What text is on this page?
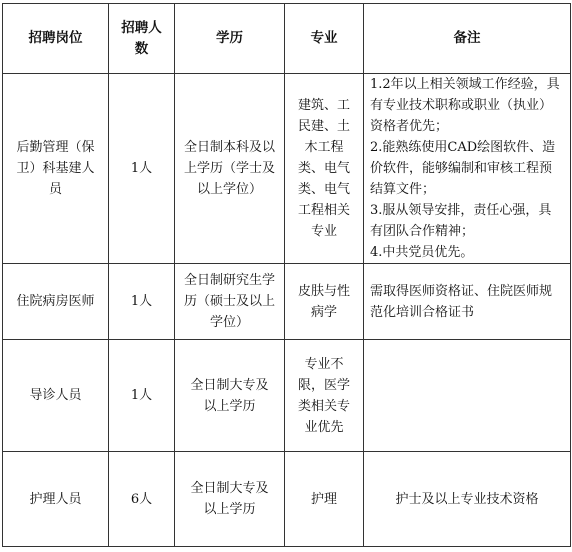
招聘岗位	招聘人数	学历	专业	备注
后勤管理（保卫）科基建人员	1人	全日制本科及以上学历（学士及以上学位）	建筑、工民建、土木工程类、电气类、电气工程相关专业	1.2年以上相关领域工作经验，具有专业技术职称或职业（执业）资格者优先；
2.能熟练使用CAD绘图软件、造价软件，能够编制和审核工程预结算文件；
3.服从领导安排，责任心强，具有团队合作精神；
4.中共党员优先。

住院病房医师	1人	全日制研究生学历（硕士及以上学位）	皮肤与性病学	需取得医师资格证、住院医师规范化培训合格证书

导诊人员	1人	全日制大专及以上学历	专业不限，医学类相关专业优先	
护理人员	6人	全日制大专及以上学历	护理	护士及以上专业技术资格
